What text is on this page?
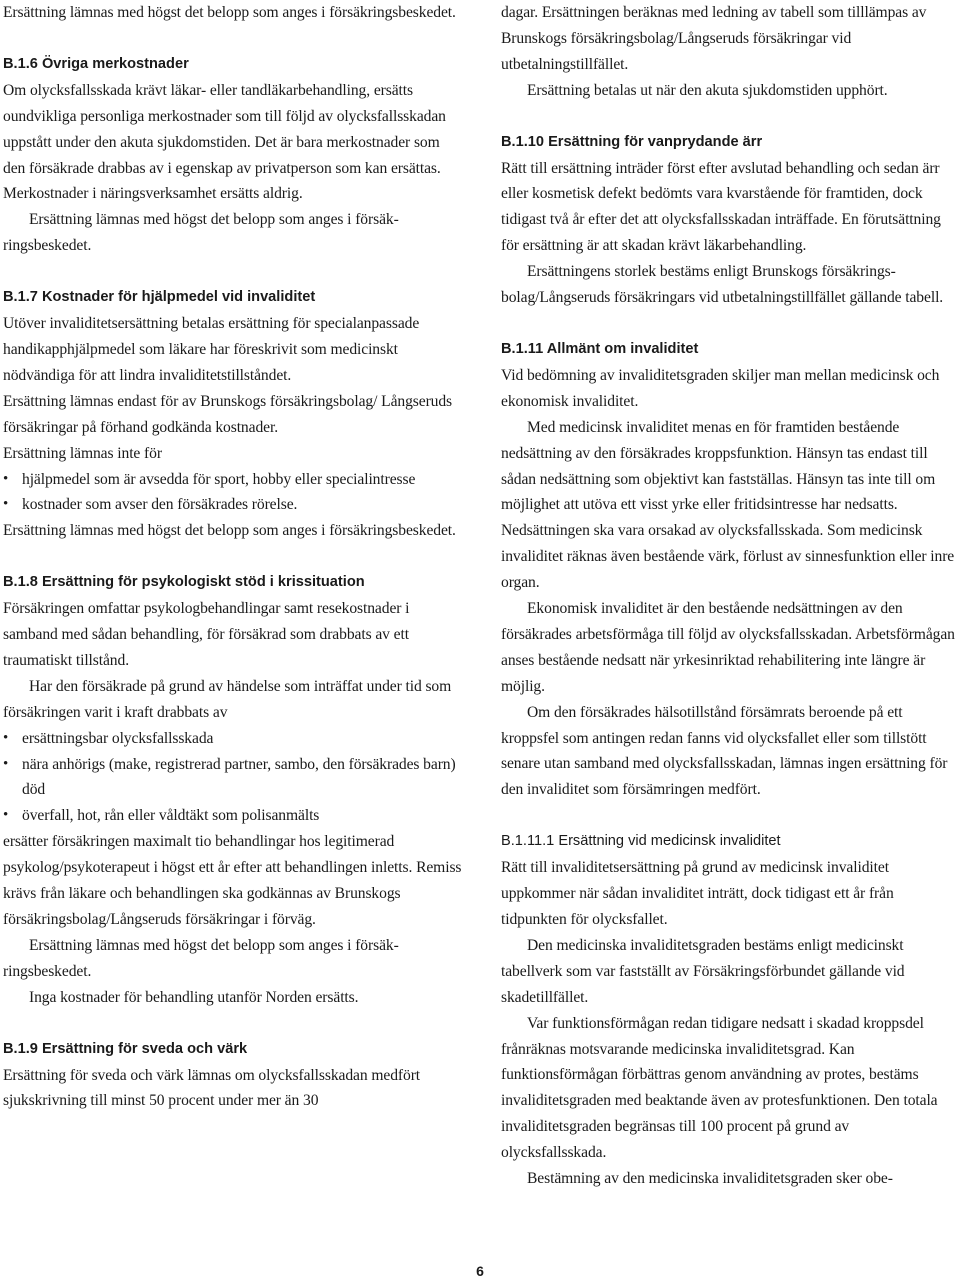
Ersättning lämnas med högst det belopp som anges i försäkringsbeskedet.

B.1.6 Övriga merkostnader

Om olycksfallsskada krävt läkar- eller tandläkarbehandling, ersätts oundvikliga personliga merkostnader som till följd av olycksfallsskadan uppstått under den akuta sjukdomstiden. Det är bara merkostnader som den försäkrade drabbas av i egenskap av privatperson som kan ersättas. Merkostnader i näringsverksamhet ersätts aldrig.

Ersättning lämnas med högst det belopp som anges i försäkringsbeskedet.

B.1.7 Kostnader för hjälpmedel vid invaliditet

Utöver invaliditetsersättning betalas ersättning för specialanpassade handikapphjälpmedel som läkare har föreskrivit som medicinskt nödvändiga för att lindra invaliditetstillståndet.

Ersättning lämnas endast för av Brunskogs försäkringsbolag/ Långseruds försäkringar på förhand godkända kostnader.

Ersättning lämnas inte för

• hjälpmedel som är avsedda för sport, hobby eller specialintresse
• kostnader som avser den försäkrades rörelse.

Ersättning lämnas med högst det belopp som anges i försäkringsbeskedet.

B.1.8 Ersättning för psykologiskt stöd i krissituation

Försäkringen omfattar psykologbehandlingar samt resekostnader i samband med sådan behandling, för försäkrad som drabbats av ett traumatiskt tillstånd.

Har den försäkrade på grund av händelse som inträffat under tid som försäkringen varit i kraft drabbats av

• ersättningsbar olycksfallsskada
• nära anhörigs (make, registrerad partner, sambo, den försäkrades barn) död
• överfall, hot, rån eller våldtäkt som polisanmälts

ersätter försäkringen maximalt tio behandlingar hos legitimerad psykolog/psykoterapeut i högst ett år efter att behandlingen inletts. Remiss krävs från läkare och behandlingen ska godkännas av Brunskogs försäkringsbolag/Långseruds försäkringar i förväg.

Ersättning lämnas med högst det belopp som anges i försäkringsbeskedet.

Inga kostnader för behandling utanför Norden ersätts.

B.1.9 Ersättning för sveda och värk

Ersättning för sveda och värk lämnas om olycksfallsskadan medfört sjukskrivning till minst 50 procent under mer än 30

dagar. Ersättningen beräknas med ledning av tabell som tilllämpas av Brunskogs försäkringsbolag/Långseruds försäkringar vid utbetalningstillfället.

Ersättning betalas ut när den akuta sjukdomstiden upphört.

B.1.10 Ersättning för vanprydande ärr

Rätt till ersättning inträder först efter avslutad behandling och sedan ärr eller kosmetisk defekt bedömts vara kvarstående för framtiden, dock tidigast två år efter det att olycksfallsskadan inträffade. En förutsättning för ersättning är att skadan krävt läkarbehandling.

Ersättningens storlek bestäms enligt Brunskogs försäkringsbolag/Långseruds försäkringars vid utbetalningstillfället gällande tabell.

B.1.11 Allmänt om invaliditet

Vid bedömning av invaliditetsgraden skiljer man mellan medicinsk och ekonomisk invaliditet.

Med medicinsk invaliditet menas en för framtiden bestående nedsättning av den försäkrades kroppsfunktion. Hänsyn tas endast till sådan nedsättning som objektivt kan fastställas. Hänsyn tas inte till om möjlighet att utöva ett visst yrke eller fritidsintresse har nedsatts. Nedsättningen ska vara orsakad av olycksfallsskada. Som medicinsk invaliditet räknas även bestående värk, förlust av sinnesfunktion eller inre organ.

Ekonomisk invaliditet är den bestående nedsättningen av den försäkrades arbetsförmåga till följd av olycksfallsskadan. Arbetsförmågan anses bestående nedsatt när yrkesinriktad rehabilitering inte längre är möjlig.

Om den försäkrades hälsotillstånd försämrats beroende på ett kroppsfel som antingen redan fanns vid olycksfallet eller som tillstött senare utan samband med olycksfallsskadan, lämnas ingen ersättning för den invaliditet som försämringen medfört.

B.1.11.1 Ersättning vid medicinsk invaliditet

Rätt till invaliditetsersättning på grund av medicinsk invaliditet uppkommer när sådan invaliditet inträtt, dock tidigast ett år från tidpunkten för olycksfallet.

Den medicinska invaliditetsgraden bestäms enligt medicinskt tabellverk som var fastställt av Försäkringsförbundet gällande vid skadetillfället.

Var funktionsförmågan redan tidigare nedsatt i skadad kroppsdel frånräknas motsvarande medicinska invaliditetsgrad. Kan funktionsförmågan förbättras genom användning av protes, bestäms invaliditetsgraden med beaktande även av protesfunktionen. Den totala invaliditetsgraden begränsas till 100 procent på grund av olycksfallsskada.

Bestämning av den medicinska invaliditetsgraden sker obe-

6
